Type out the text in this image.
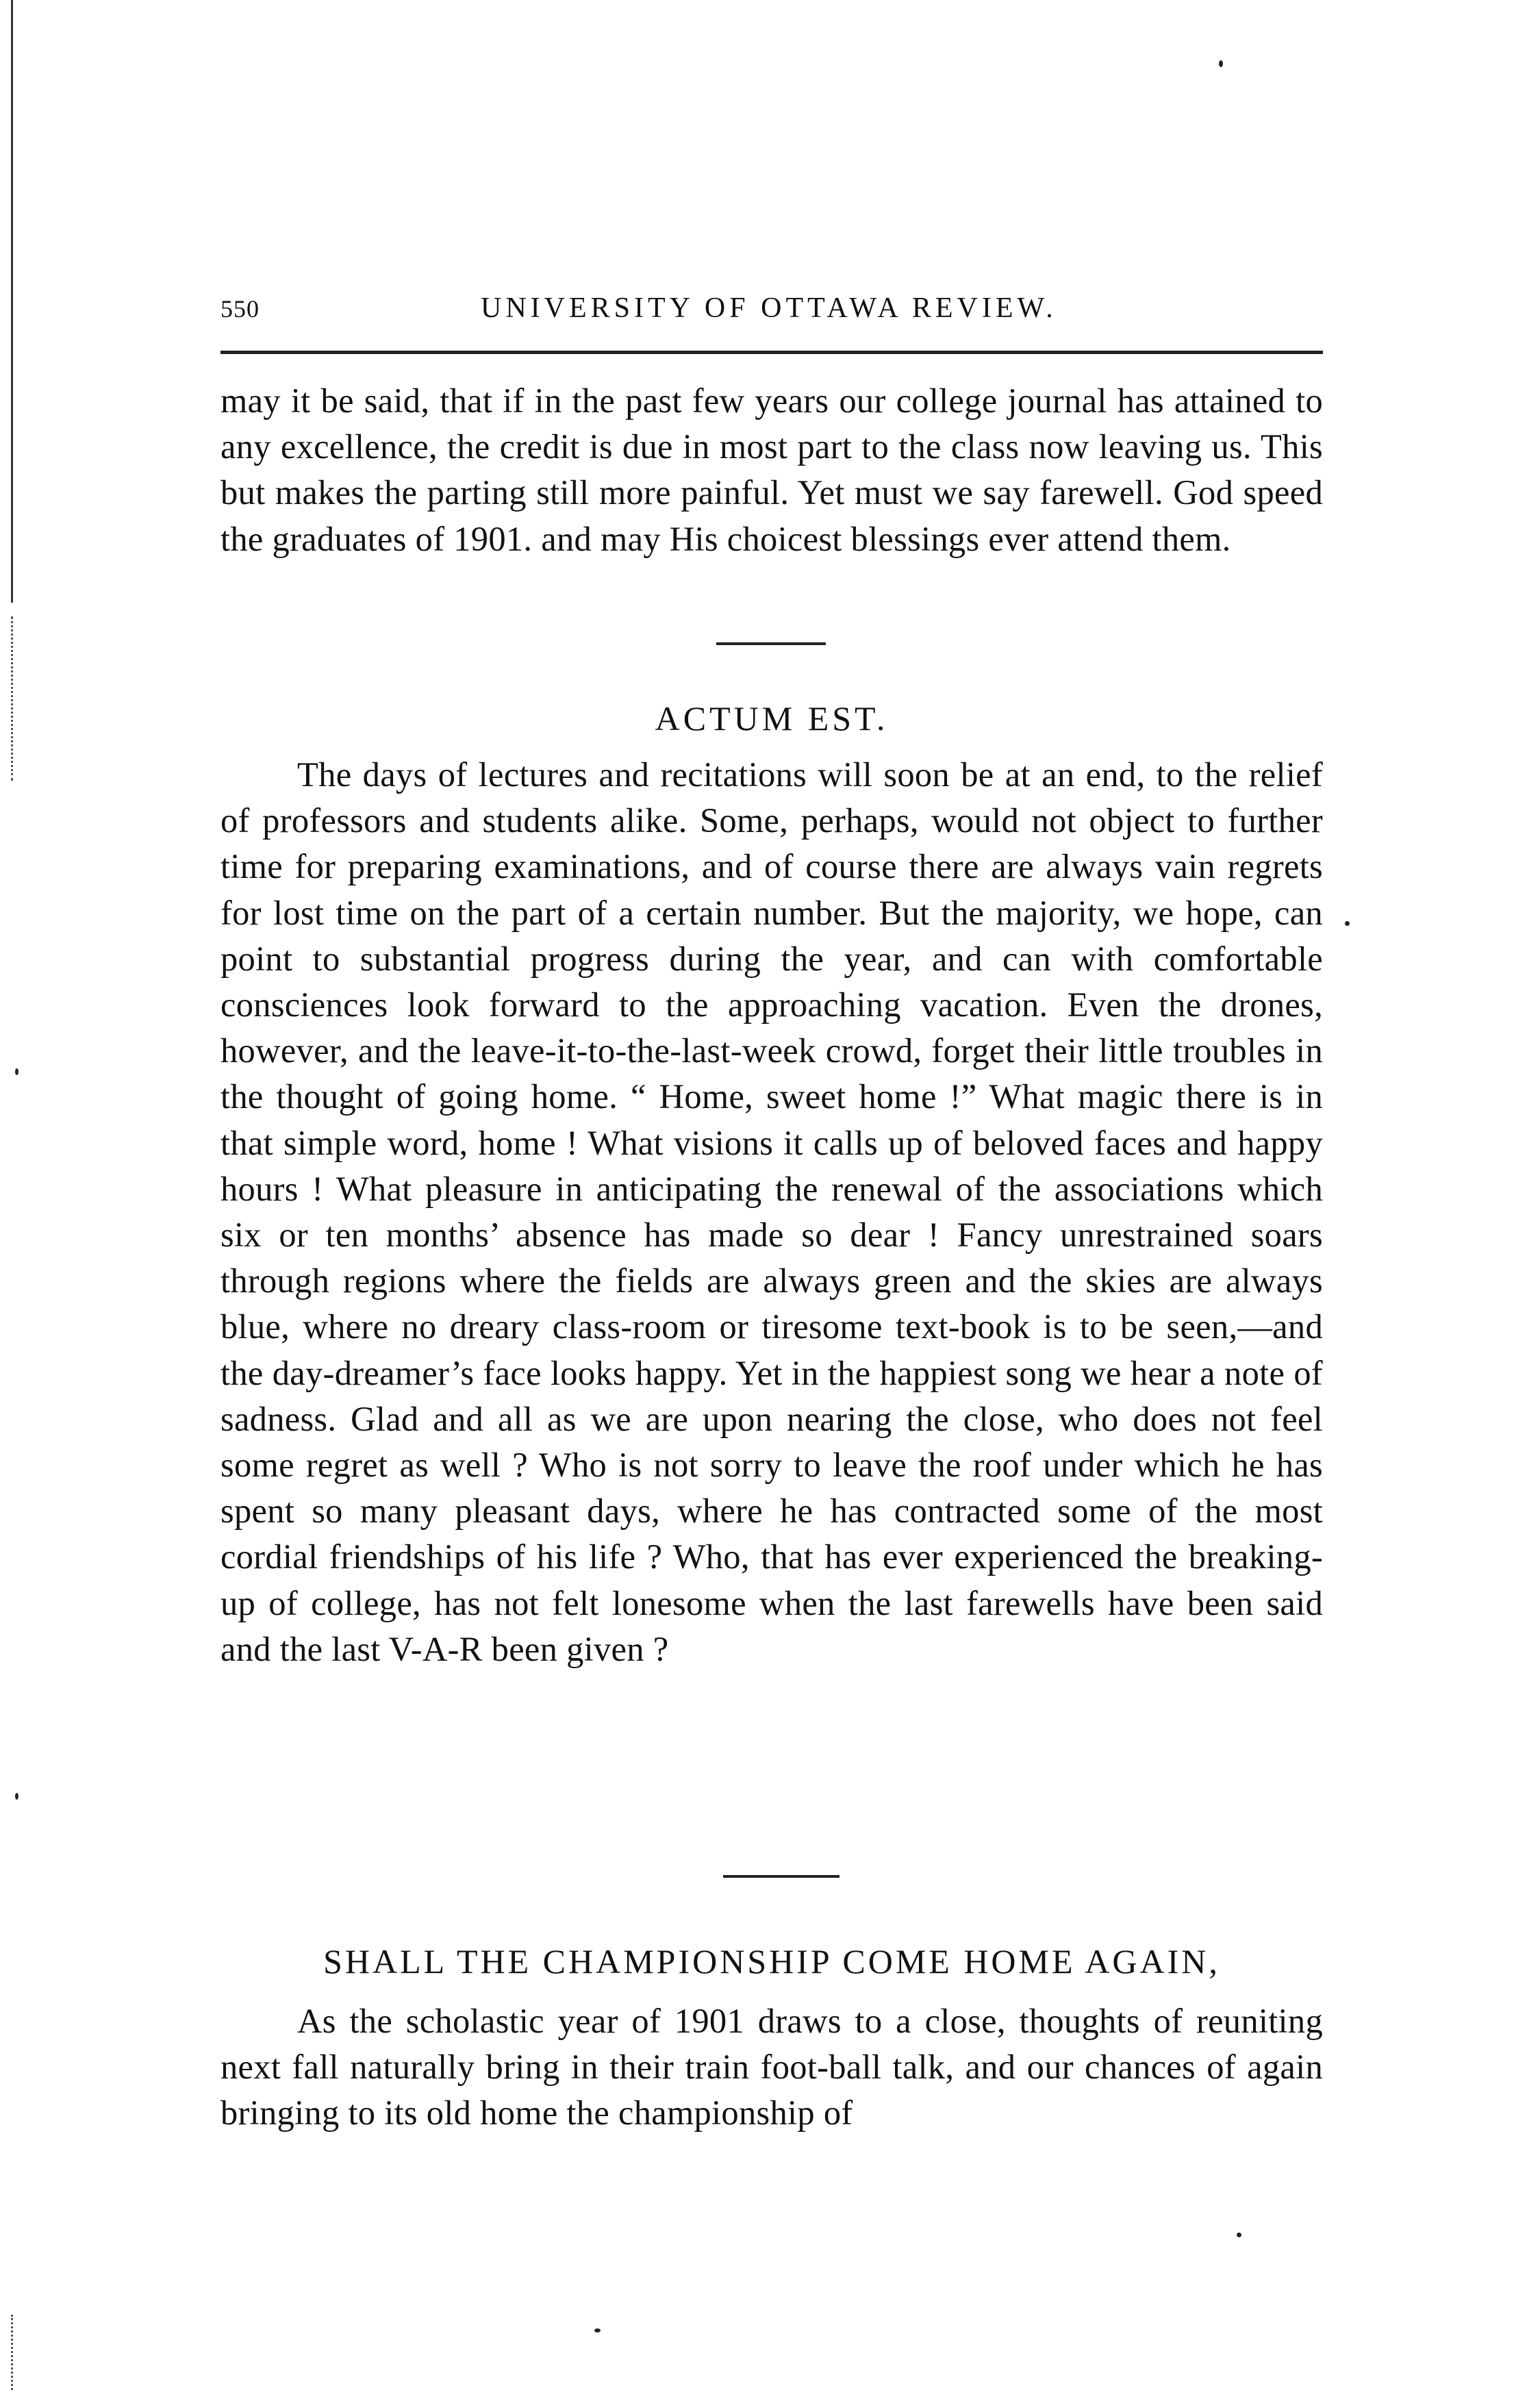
550	UNIVERSITY OF OTTAWA REVIEW.

may it be said, that if in the past few years our college journal has attained to any excellence, the credit is due in most part to the class now leaving us. This but makes the parting still more painful. Yet must we say farewell. God speed the graduates of 1901. and may His choicest blessings ever attend them.

ACTUM EST.

The days of lectures and recitations will soon be at an end, to the relief of professors and students alike. Some, perhaps, would not object to further time for preparing examinations, and of course there are always vain regrets for lost time on the part of a certain number. But the majority, we hope, can point to substantial progress during the year, and can with comfortable consciences look forward to the approaching vacation. Even the drones, however, and the leave-it-to-the-last-week crowd, forget their little troubles in the thought of going home. “ Home, sweet home !” What magic there is in that simple word, home ! What visions it calls up of beloved faces and happy hours ! What pleasure in anticipating the renewal of the associations which six or ten months’ absence has made so dear ! Fancy unrestrained soars through regions where the fields are always green and the skies are always blue, where no dreary class-room or tiresome text-book is to be seen,—and the day-dreamer’s face looks happy. Yet in the happiest song we hear a note of sadness. Glad and all as we are upon nearing the close, who does not feel some regret as well ? Who is not sorry to leave the roof under which he has spent so many pleasant days, where he has contracted some of the most cordial friendships of his life ? Who, that has ever experienced the breaking-up of college, has not felt lonesome when the last farewells have been said and the last V-A-R been given ?

SHALL THE CHAMPIONSHIP COME HOME AGAIN,

As the scholastic year of 1901 draws to a close, thoughts of reuniting next fall naturally bring in their train foot-ball talk, and our chances of again bringing to its old home the championship of
